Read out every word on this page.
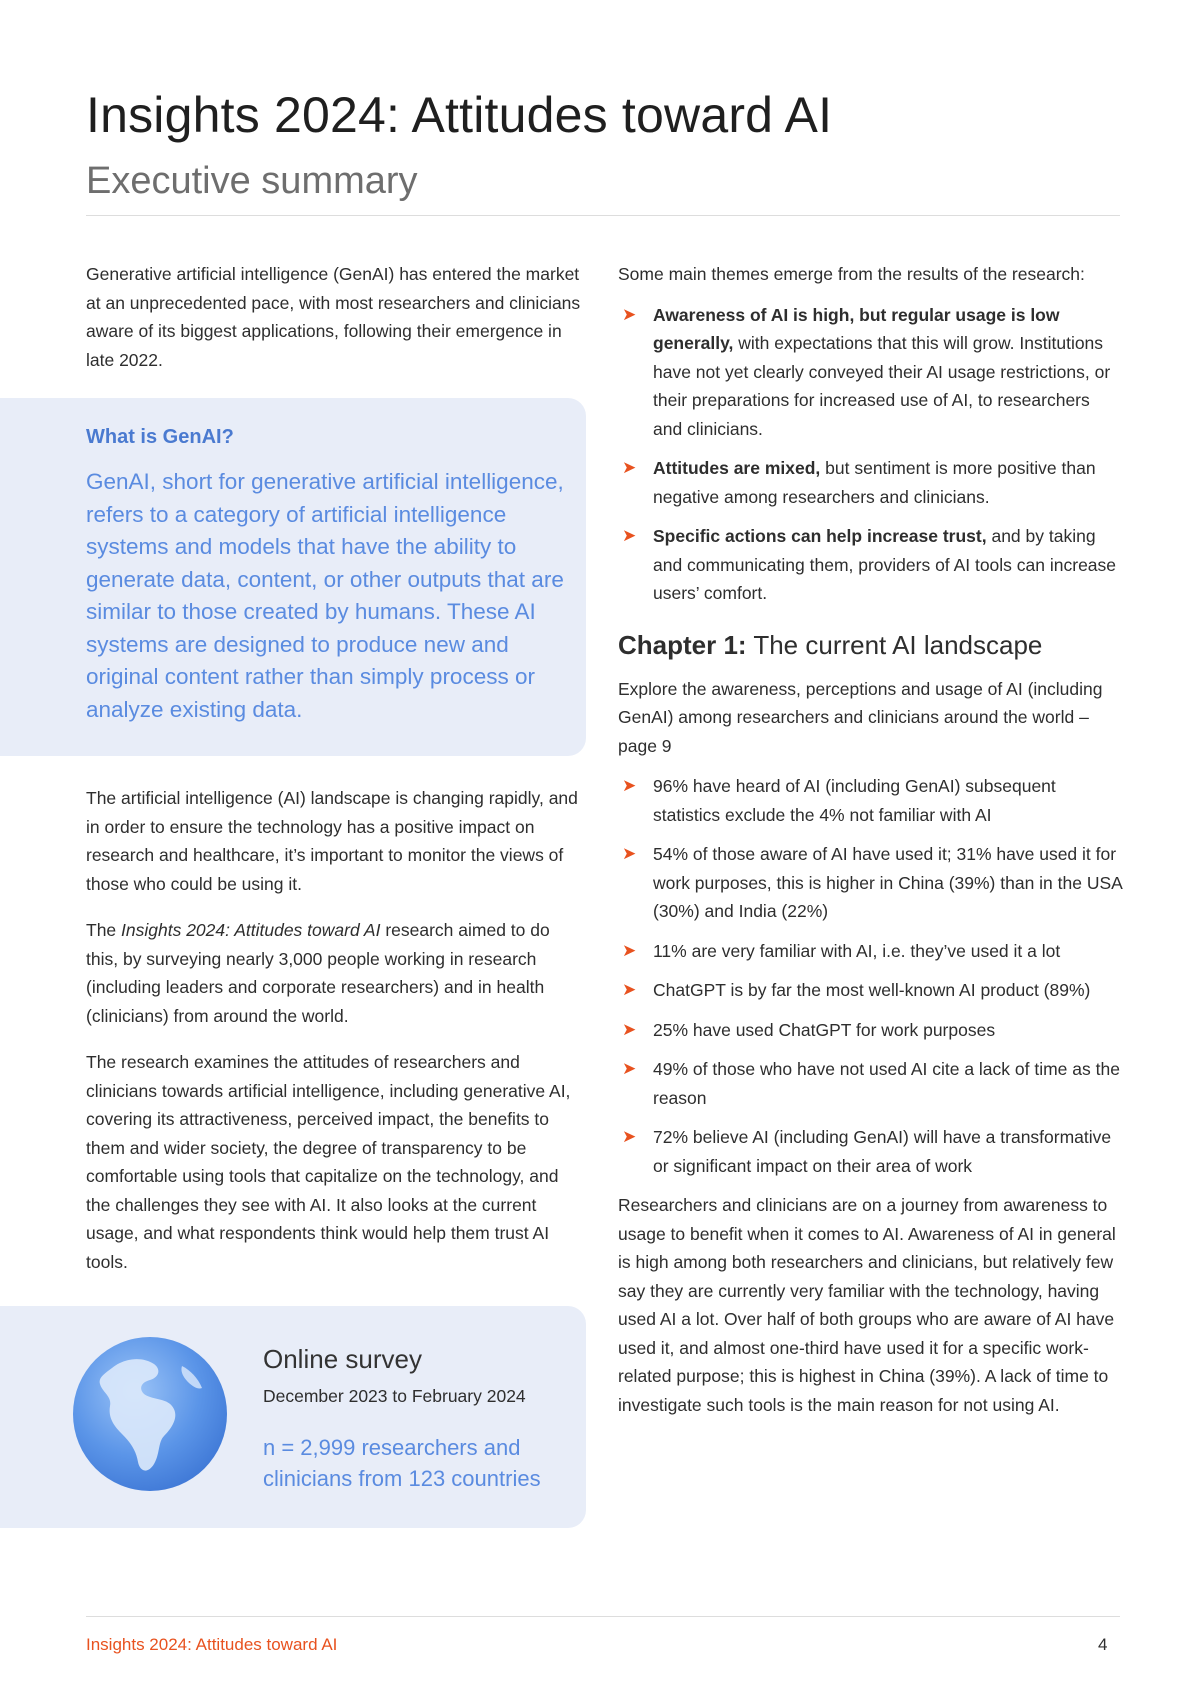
Insights 2024: Attitudes toward AI
Executive summary

Generative artificial intelligence (GenAI) has entered the market at an unprecedented pace, with most researchers and clinicians aware of its biggest applications, following their emergence in late 2022.

What is GenAI?

GenAI, short for generative artificial intelligence, refers to a category of artificial intelligence systems and models that have the ability to generate data, content, or other outputs that are similar to those created by humans. These AI systems are designed to produce new and original content rather than simply process or analyze existing data.

The artificial intelligence (AI) landscape is changing rapidly, and in order to ensure the technology has a positive impact on research and healthcare, it’s important to monitor the views of those who could be using it.

The Insights 2024: Attitudes toward AI research aimed to do this, by surveying nearly 3,000 people working in research (including leaders and corporate researchers) and in health (clinicians) from around the world.

The research examines the attitudes of researchers and clinicians towards artificial intelligence, including generative AI, covering its attractiveness, perceived impact, the benefits to them and wider society, the degree of transparency to be comfortable using tools that capitalize on the technology, and the challenges they see with AI. It also looks at the current usage, and what respondents think would help them trust AI tools.

Online survey

December 2023 to February 2024

n = 2,999 researchers and clinicians from 123 countries

Some main themes emerge from the results of the research:

➤ Awareness of AI is high, but regular usage is low generally, with expectations that this will grow. Institutions have not yet clearly conveyed their AI usage restrictions, or their preparations for increased use of AI, to researchers and clinicians.
➤ Attitudes are mixed, but sentiment is more positive than negative among researchers and clinicians.
➤ Specific actions can help increase trust, and by taking and communicating them, providers of AI tools can increase users’ comfort.
Chapter 1: The current AI landscape

Explore the awareness, perceptions and usage of AI (including GenAI) among researchers and clinicians around the world – page 9

➤ 96% have heard of AI (including GenAI) subsequent statistics exclude the 4% not familiar with AI
➤ 54% of those aware of AI have used it; 31% have used it for work purposes, this is higher in China (39%) than in the USA (30%) and India (22%)
➤ 11% are very familiar with AI, i.e. they’ve used it a lot
➤ ChatGPT is by far the most well-known AI product (89%)
➤ 25% have used ChatGPT for work purposes
➤ 49% of those who have not used AI cite a lack of time as the reason
➤ 72% believe AI (including GenAI) will have a transformative or significant impact on their area of work

Researchers and clinicians are on a journey from awareness to usage to benefit when it comes to AI. Awareness of AI in general is high among both researchers and clinicians, but relatively few say they are currently very familiar with the technology, having used AI a lot. Over half of both groups who are aware of AI have used it, and almost one-third have used it for a specific work-related purpose; this is highest in China (39%). A lack of time to investigate such tools is the main reason for not using AI.

Insights 2024: Attitudes toward AI	4
